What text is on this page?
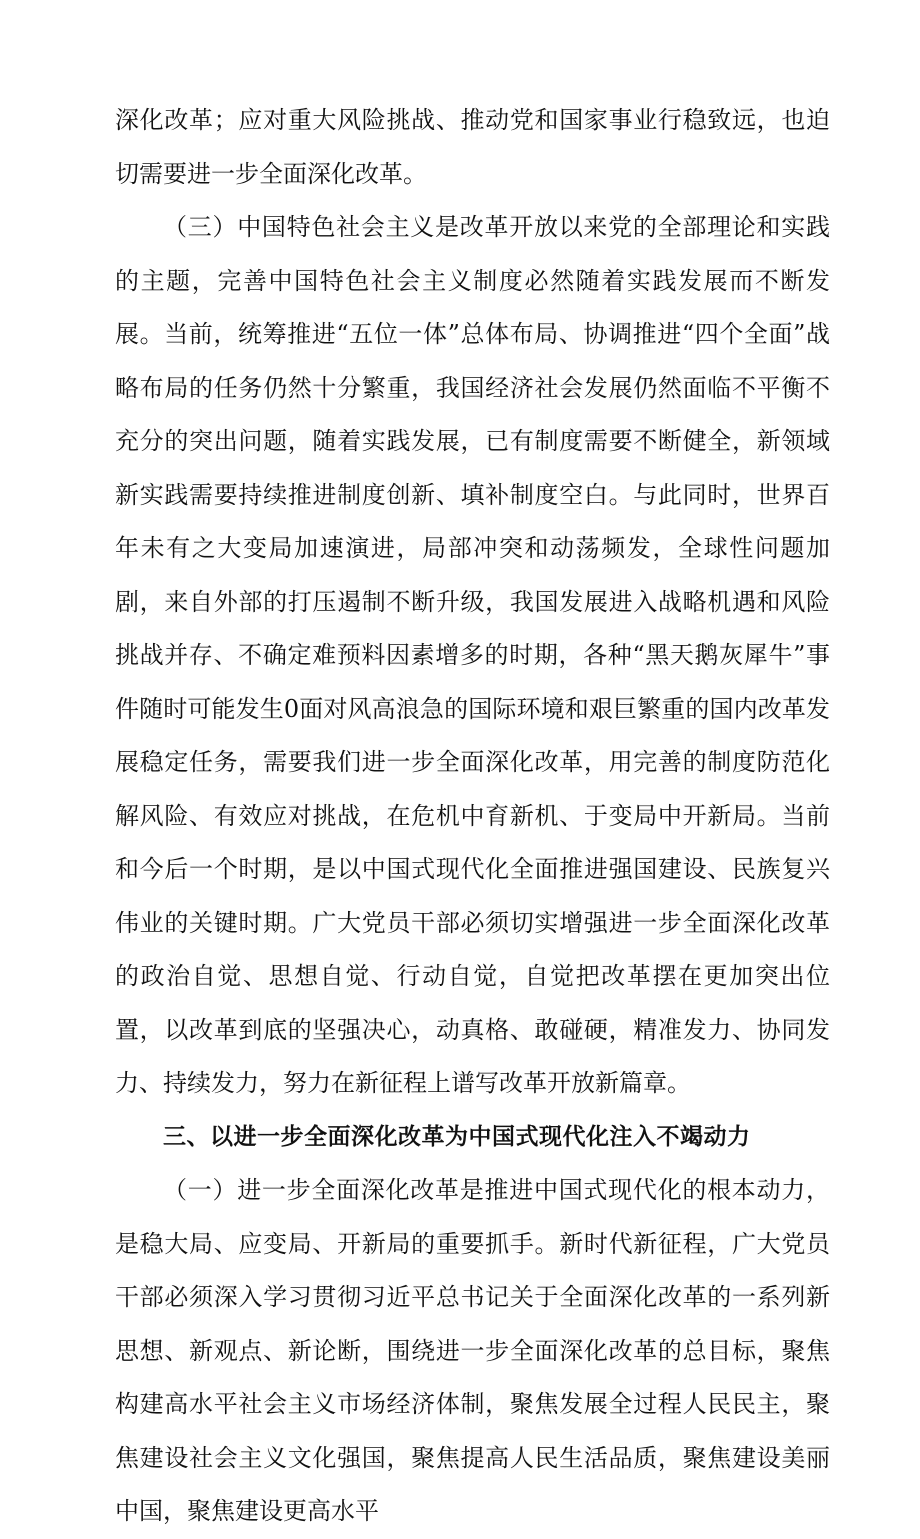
深化改革；应对重大风险挑战、推动党和国家事业行稳致远，也迫切需要进一步全面深化改革。

（三）中国特色社会主义是改革开放以来党的全部理论和实践的主题，完善中国特色社会主义制度必然随着实践发展而不断发展。当前，统筹推进“五位一体”总体布局、协调推进“四个全面”战略布局的任务仍然十分繁重，我国经济社会发展仍然面临不平衡不充分的突出问题，随着实践发展，已有制度需要不断健全，新领域新实践需要持续推进制度创新、填补制度空白。与此同时，世界百年未有之大变局加速演进，局部冲突和动荡频发，全球性问题加剧，来自外部的打压遏制不断升级，我国发展进入战略机遇和风险挑战并存、不确定难预料因素增多的时期，各种“黑天鹅灰犀牛”事件随时可能发生0面对风高浪急的国际环境和艰巨繁重的国内改革发展稳定任务，需要我们进一步全面深化改革，用完善的制度防范化解风险、有效应对挑战，在危机中育新机、于变局中开新局。当前和今后一个时期，是以中国式现代化全面推进强国建设、民族复兴伟业的关键时期。广大党员干部必须切实增强进一步全面深化改革的政治自觉、思想自觉、行动自觉，自觉把改革摆在更加突出位置，以改革到底的坚强决心，动真格、敢碰硬，精准发力、协同发力、持续发力，努力在新征程上谱写改革开放新篇章。

三、以进一步全面深化改革为中国式现代化注入不竭动力

（一）进一步全面深化改革是推进中国式现代化的根本动力，是稳大局、应变局、开新局的重要抓手。新时代新征程，广大党员干部必须深入学习贯彻习近平总书记关于全面深化改革的一系列新思想、新观点、新论断，围绕进一步全面深化改革的总目标，聚焦构建高水平社会主义市场经济体制，聚焦发展全过程人民民主，聚焦建设社会主义文化强国，聚焦提高人民生活品质，聚焦建设美丽中国，聚焦建设更高水平
